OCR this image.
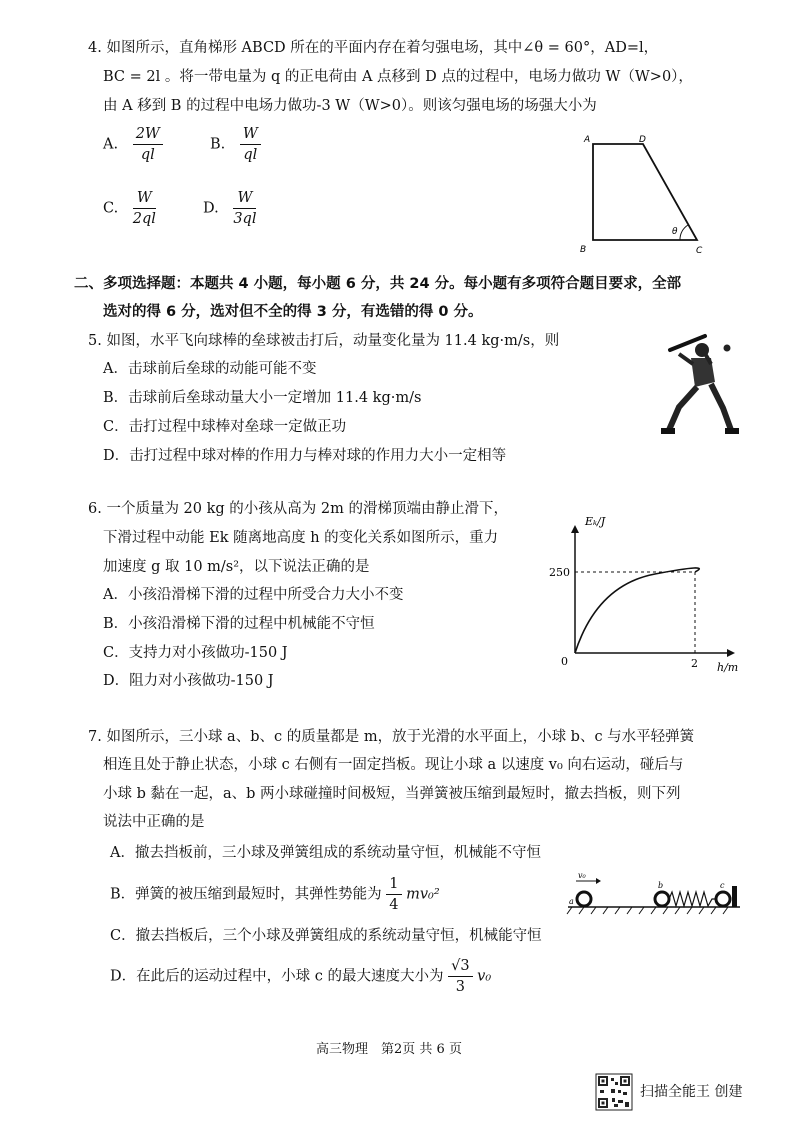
4. 如图所示，直角梯形 ABCD 所在的平面内存在着匀强电场，其中∠θ = 60°，AD=l，
BC = 2l 。将一带电量为 q 的正电荷由 A 点移到 D 点的过程中，电场力做功 W（W>0），
由 A 移到 B 的过程中电场力做功-3 W（W>0）。则该匀强电场的场强大小为
A. $\frac{2W}{ql}$	B. $\frac{W}{ql}$
C. $\frac{W}{2ql}$	D. $\frac{W}{3ql}$
A	D
B	C
θ
二、多项选择题：本题共 4 小题，每小题 6 分，共 24 分。每小题有多项符合题目要求，全部
选对的得 6 分，选对但不全的得 3 分，有选错的得 0 分。
5. 如图，水平飞向球棒的垒球被击打后，动量变化量为 11.4 kg·m/s，则
A．击球前后垒球的动能可能不变
B．击球前后垒球动量大小一定增加 11.4 kg·m/s
C．击打过程中球棒对垒球一定做正功
D．击打过程中球对棒的作用力与棒对球的作用力大小一定相等
6. 一个质量为 20 kg 的小孩从高为 2m 的滑梯顶端由静止滑下，
下滑过程中动能 Ek 随离地高度 h 的变化关系如图所示，重力
加速度 g 取 10 m/s²，以下说法正确的是
A．小孩沿滑梯下滑的过程中所受合力大小不变
B．小孩沿滑梯下滑的过程中机械能不守恒
C．支持力对小孩做功-150 J
D．阻力对小孩做功-150 J
Eₖ/J
250
0	2 h/m
7. 如图所示，三小球 a、b、c 的质量都是 m，放于光滑的水平面上，小球 b、c 与水平轻弹簧
相连且处于静止状态，小球 c 右侧有一固定挡板。现让小球 a 以速度 v₀ 向右运动，碰后与
小球 b 黏在一起，a、b 两小球碰撞时间极短，当弹簧被压缩到最短时，撤去挡板，则下列
说法中正确的是
A．撤去挡板前，三小球及弹簧组成的系统动量守恒，机械能不守恒
B．弹簧的被压缩到最短时，其弹性势能为 $\frac{1}{4} mv_0^2$
C．撤去挡板后，三个小球及弹簧组成的系统动量守恒，机械能守恒
D．在此后的运动过程中，小球 c 的最大速度大小为 $\frac{√3}{3} v_0$
a
b	c
v₀
高三物理　第2页 共 6 页
扫描全能王 创建
